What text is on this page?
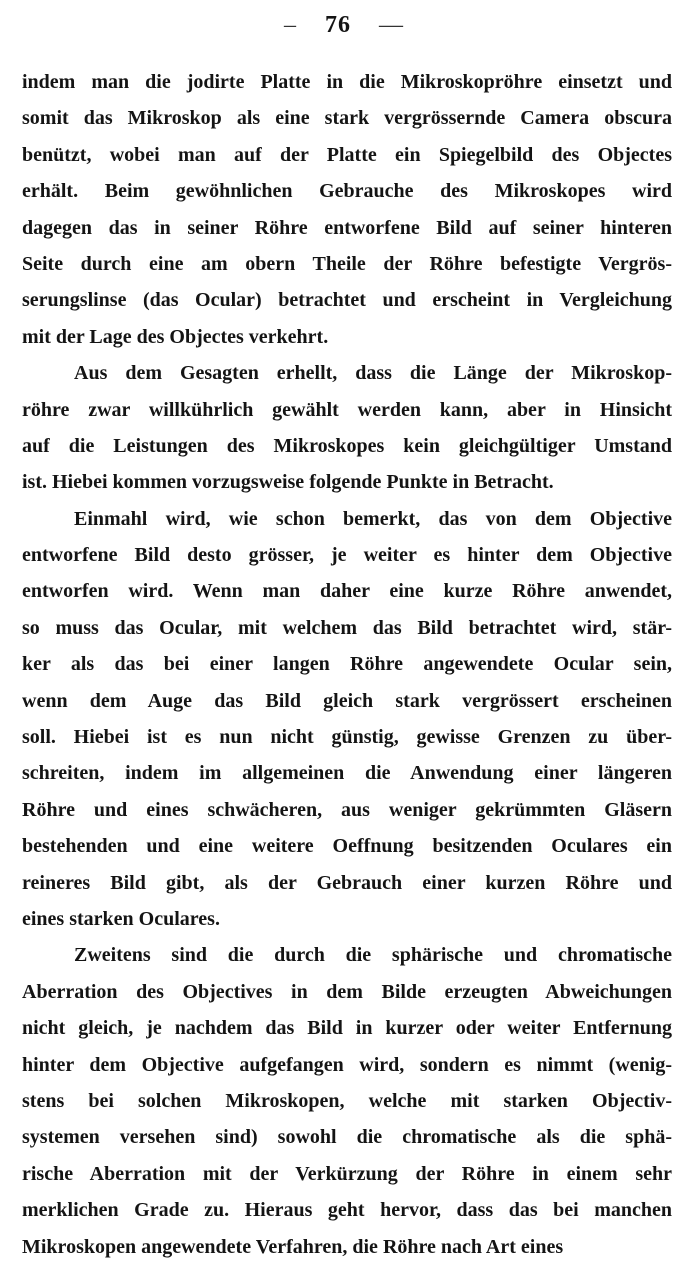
– 76 —
indem man die jodirte Platte in die Mikroskopröhre einsetzt und
somit das Mikroskop als eine stark vergrössernde Camera obscura
benützt, wobei man auf der Platte ein Spiegelbild des Objectes
erhält. Beim gewöhnlichen Gebrauche des Mikroskopes wird
dagegen das in seiner Röhre entworfene Bild auf seiner hinteren
Seite durch eine am obern Theile der Röhre befestigte Vergrös-
serungslinse (das Ocular) betrachtet und erscheint in Vergleichung
mit der Lage des Objectes verkehrt.
Aus dem Gesagten erhellt, dass die Länge der Mikroskop-
röhre zwar willkührlich gewählt werden kann, aber in Hinsicht
auf die Leistungen des Mikroskopes kein gleichgültiger Umstand
ist. Hiebei kommen vorzugsweise folgende Punkte in Betracht.
Einmahl wird, wie schon bemerkt, das von dem Objective
entworfene Bild desto grösser, je weiter es hinter dem Objective
entworfen wird. Wenn man daher eine kurze Röhre anwendet,
so muss das Ocular, mit welchem das Bild betrachtet wird, stär-
ker als das bei einer langen Röhre angewendete Ocular sein,
wenn dem Auge das Bild gleich stark vergrössert erscheinen
soll. Hiebei ist es nun nicht günstig, gewisse Grenzen zu über-
schreiten, indem im allgemeinen die Anwendung einer längeren
Röhre und eines schwächeren, aus weniger gekrümmten Gläsern
bestehenden und eine weitere Oeffnung besitzenden Oculares ein
reineres Bild gibt, als der Gebrauch einer kurzen Röhre und
eines starken Oculares.
Zweitens sind die durch die sphärische und chromatische
Aberration des Objectives in dem Bilde erzeugten Abweichungen
nicht gleich, je nachdem das Bild in kurzer oder weiter Entfernung
hinter dem Objective aufgefangen wird, sondern es nimmt (wenig-
stens bei solchen Mikroskopen, welche mit starken Objectiv-
systemen versehen sind) sowohl die chromatische als die sphä-
rische Aberration mit der Verkürzung der Röhre in einem sehr
merklichen Grade zu. Hieraus geht hervor, dass das bei manchen
Mikroskopen angewendete Verfahren, die Röhre nach Art eines
